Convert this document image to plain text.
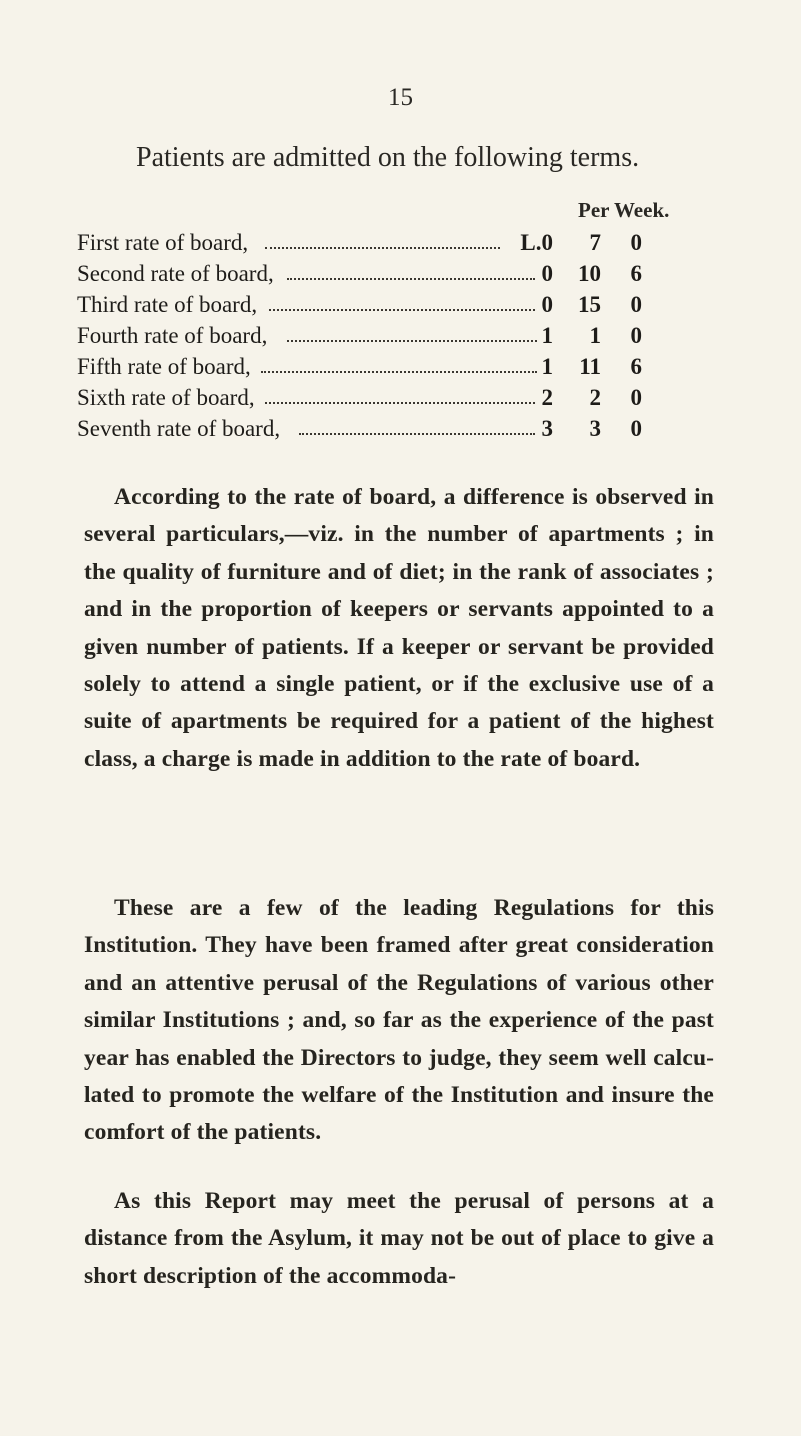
15
Patients are admitted on the following terms.
Per Week.
First rate of board,	L.0	7	0
Second rate of board,	0	10	6
Third rate of board,	0	15	0
Fourth rate of board,	1	1	0
Fifth rate of board,	1	11	6
Sixth rate of board,	2	2	0
Seventh rate of board,	3	3	0

According to the rate of board, a difference is observed in several particulars,—viz. in the number of apartments ; in the quality of furniture and of diet; in the rank of associates ; and in the proportion of keepers or servants appointed to a given number of patients. If a keeper or servant be provided solely to attend a single patient, or if the exclusive use of a suite of apartments be required for a patient of the highest class, a charge is made in addition to the rate of board.

These are a few of the leading Regulations for this Institution. They have been framed after great consideration and an attentive perusal of the Regulations of various other similar Institutions ; and, so far as the experience of the past year has enabled the Directors to judge, they seem well calculated to promote the welfare of the Institution and insure the comfort of the patients.

As this Report may meet the perusal of persons at a distance from the Asylum, it may not be out of place to give a short description of the accommoda-
